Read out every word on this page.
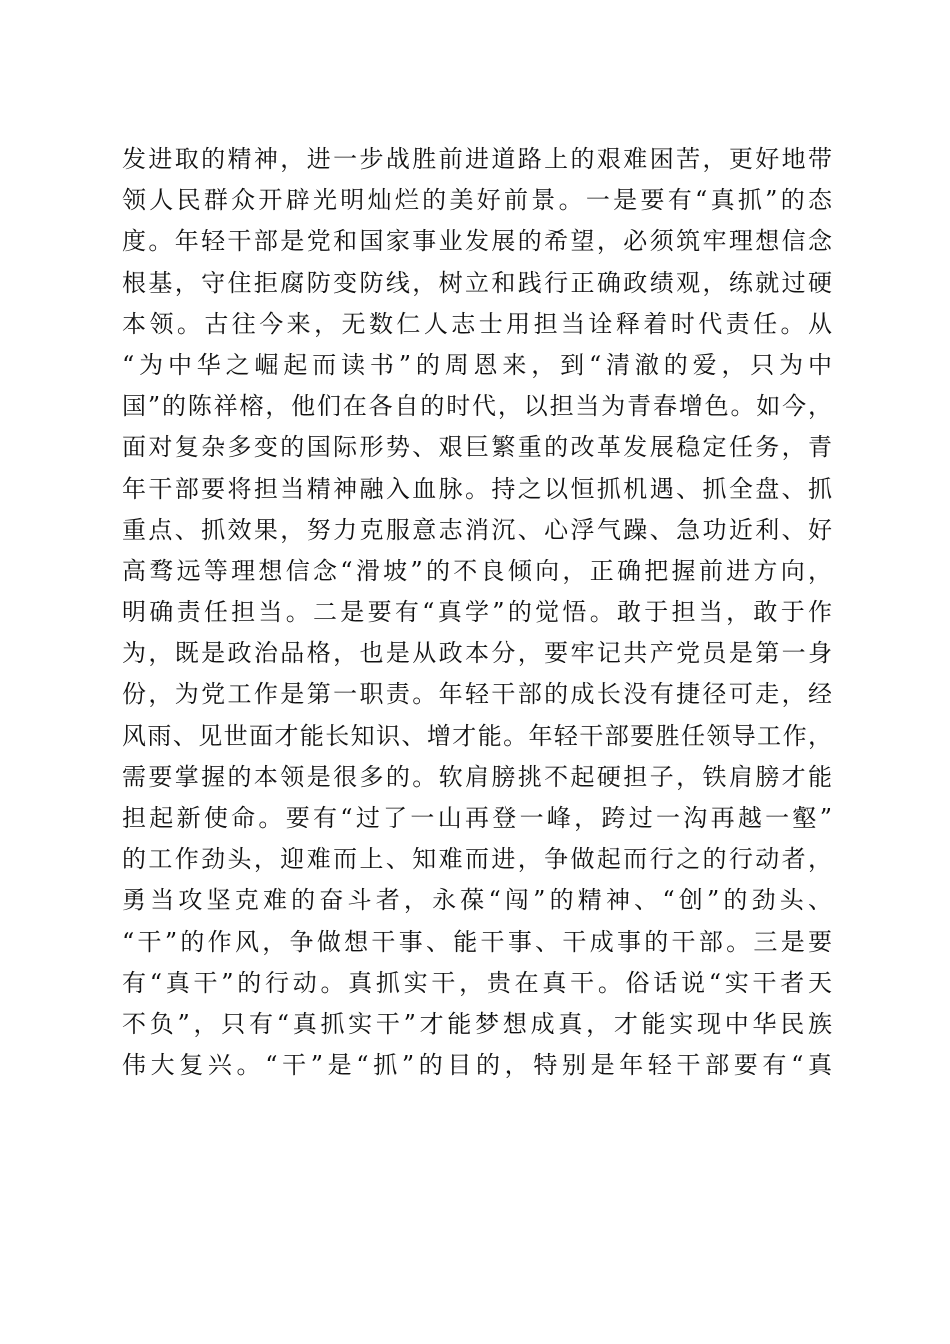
发进取的精神，进一步战胜前进道路上的艰难困苦，更好地带
领人民群众开辟光明灿烂的美好前景。一是要有“真抓”的态
度。年轻干部是党和国家事业发展的希望，必须筑牢理想信念
根基，守住拒腐防变防线，树立和践行正确政绩观，练就过硬
本领。古往今来，无数仁人志士用担当诠释着时代责任。从
“为中华之崛起而读书”的周恩来，到“清澈的爱，只为中
国”的陈祥榕，他们在各自的时代，以担当为青春增色。如今，
面对复杂多变的国际形势、艰巨繁重的改革发展稳定任务，青
年干部要将担当精神融入血脉。持之以恒抓机遇、抓全盘、抓
重点、抓效果，努力克服意志消沉、心浮气躁、急功近利、好
高骛远等理想信念“滑坡”的不良倾向，正确把握前进方向，
明确责任担当。二是要有“真学”的觉悟。敢于担当，敢于作
为，既是政治品格，也是从政本分，要牢记共产党员是第一身
份，为党工作是第一职责。年轻干部的成长没有捷径可走，经
风雨、见世面才能长知识、增才能。年轻干部要胜任领导工作，
需要掌握的本领是很多的。软肩膀挑不起硬担子，铁肩膀才能
担起新使命。要有“过了一山再登一峰，跨过一沟再越一壑”
的工作劲头，迎难而上、知难而进，争做起而行之的行动者，
勇当攻坚克难的奋斗者，永葆“闯”的精神、“创”的劲头、
“干”的作风，争做想干事、能干事、干成事的干部。三是要
有“真干”的行动。真抓实干，贵在真干。俗话说“实干者天
不负”，只有“真抓实干”才能梦想成真，才能实现中华民族
伟大复兴。“干”是“抓”的目的，特别是年轻干部要有“真
